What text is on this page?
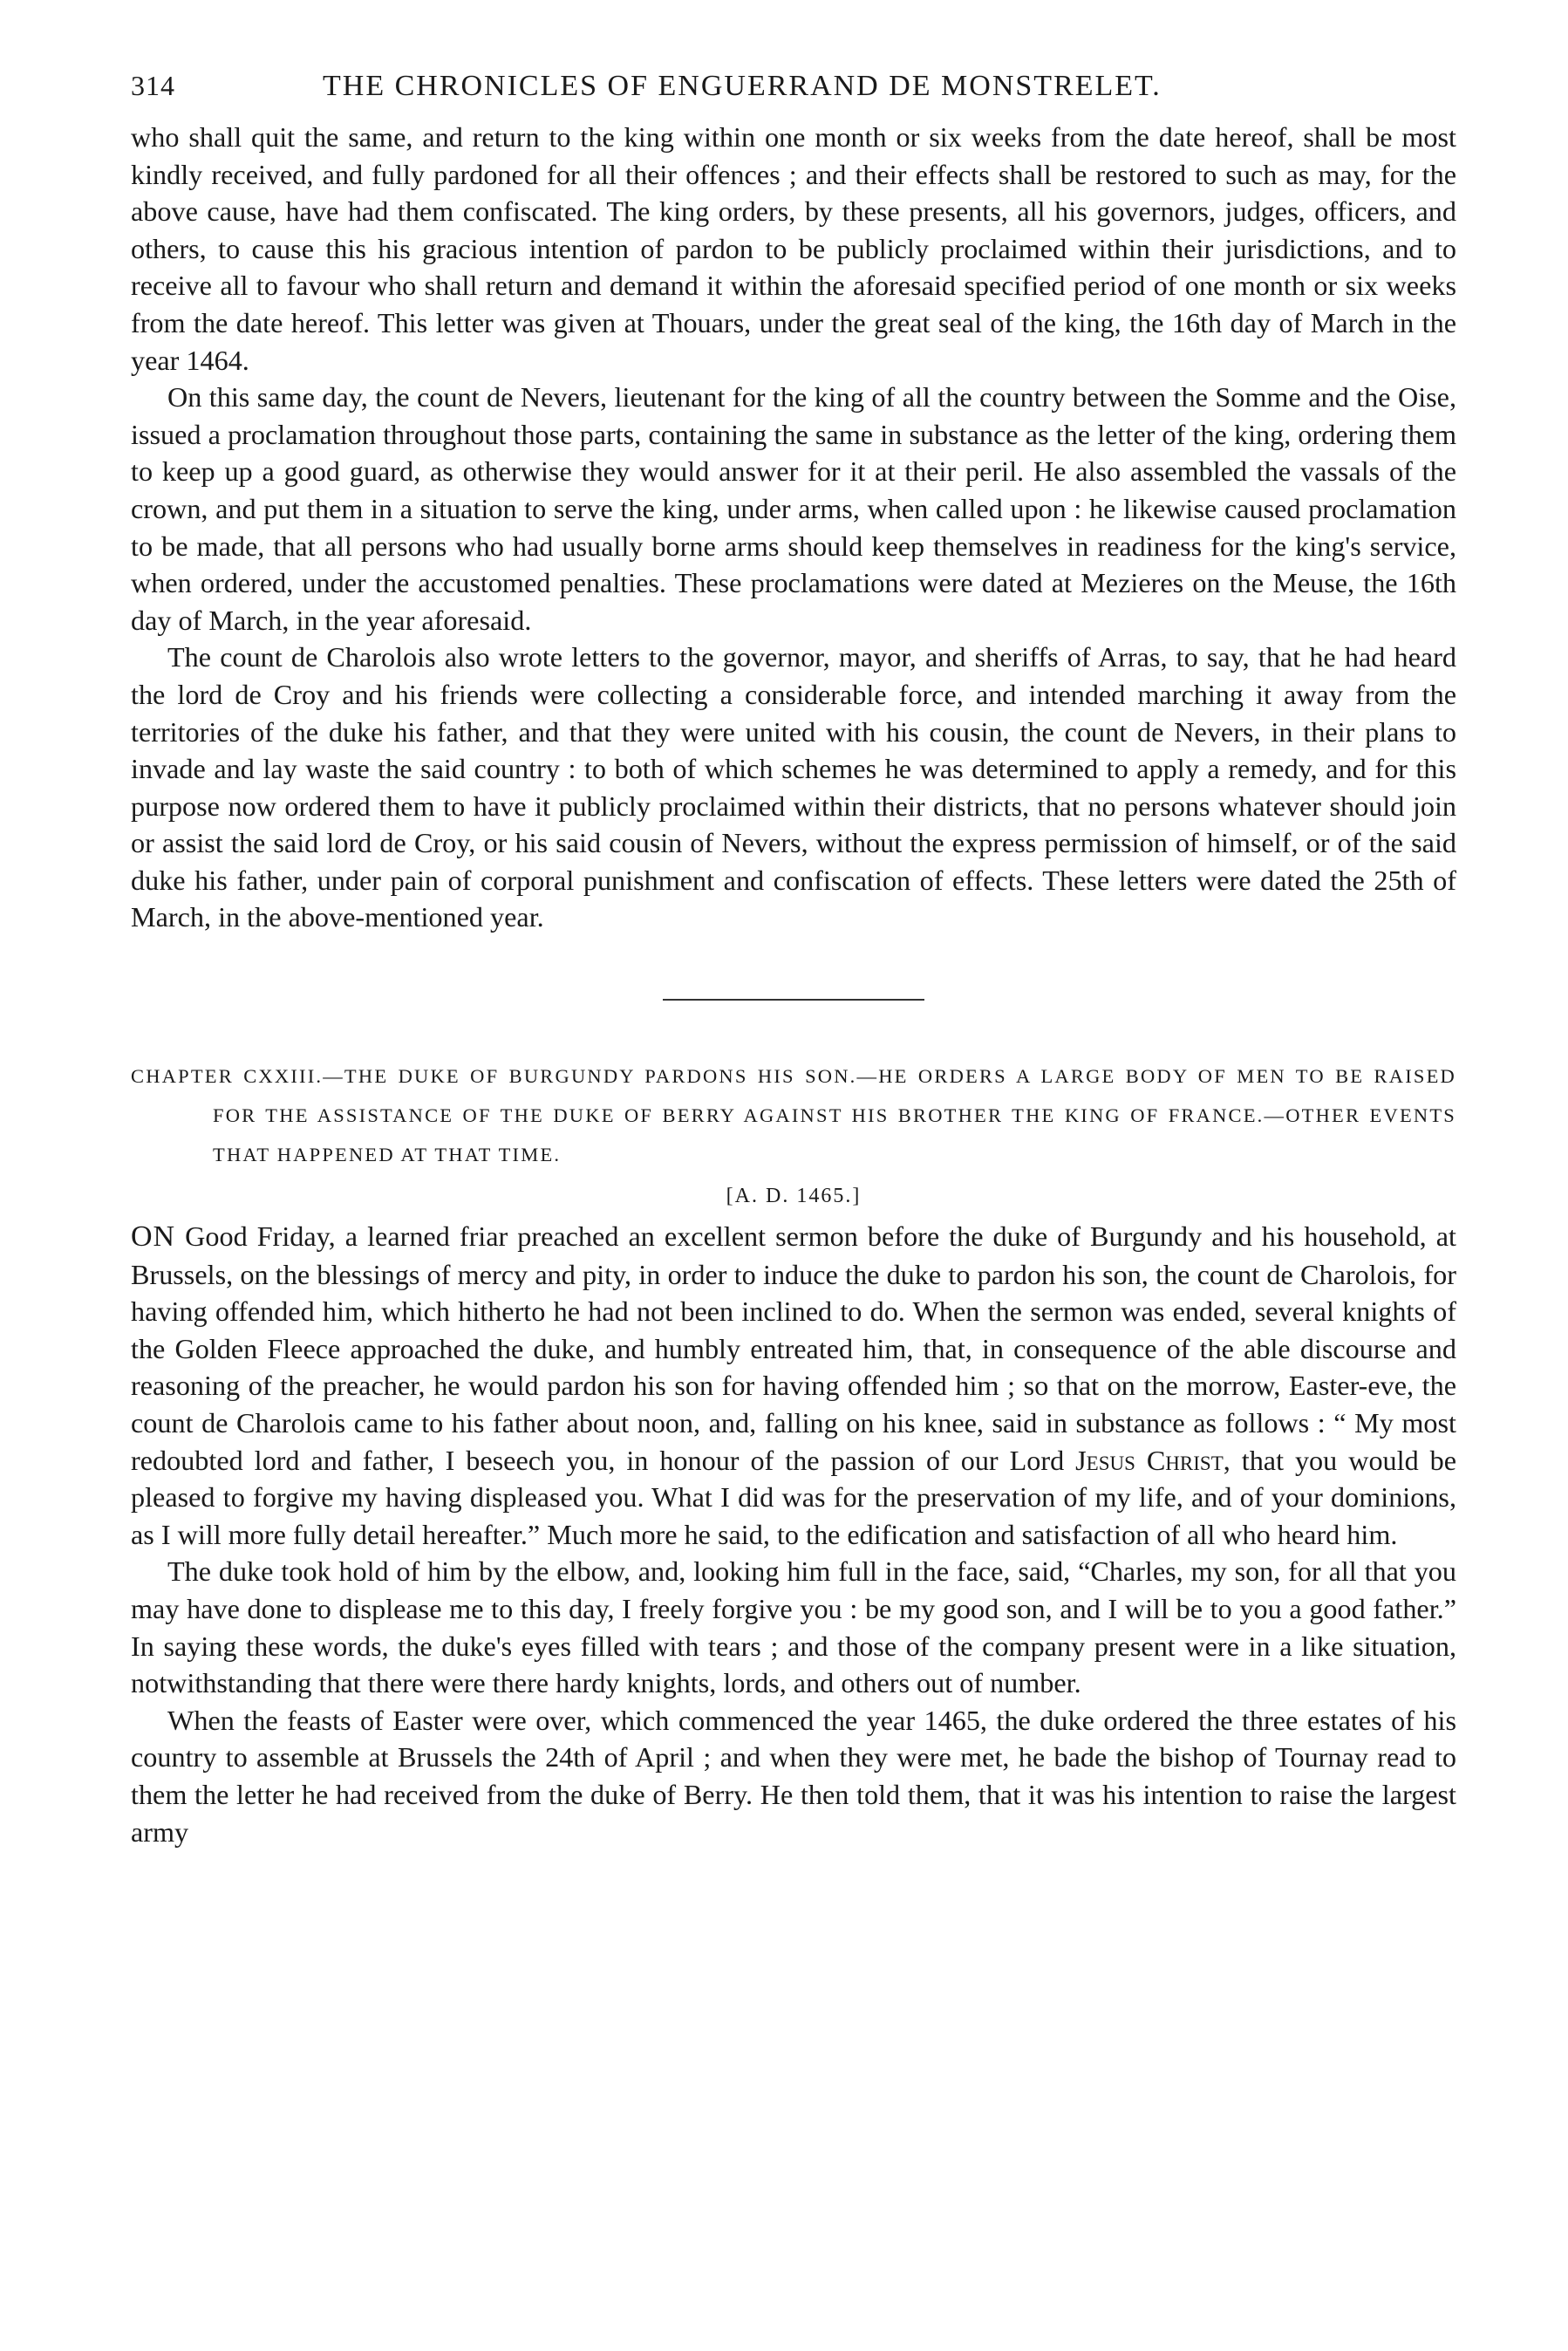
314	THE CHRONICLES OF ENGUERRAND DE MONSTRELET.

who shall quit the same, and return to the king within one month or six weeks from the date hereof, shall be most kindly received, and fully pardoned for all their offences ; and their effects shall be restored to such as may, for the above cause, have had them confiscated. The king orders, by these presents, all his governors, judges, officers, and others, to cause this his gracious intention of pardon to be publicly proclaimed within their jurisdictions, and to receive all to favour who shall return and demand it within the aforesaid specified period of one month or six weeks from the date hereof. This letter was given at Thouars, under the great seal of the king, the 16th day of March in the year 1464.

On this same day, the count de Nevers, lieutenant for the king of all the country between the Somme and the Oise, issued a proclamation throughout those parts, containing the same in substance as the letter of the king, ordering them to keep up a good guard, as otherwise they would answer for it at their peril. He also assembled the vassals of the crown, and put them in a situation to serve the king, under arms, when called upon : he likewise caused proclamation to be made, that all persons who had usually borne arms should keep themselves in readiness for the king's service, when ordered, under the accustomed penalties. These proclamations were dated at Mezieres on the Meuse, the 16th day of March, in the year aforesaid.

The count de Charolois also wrote letters to the governor, mayor, and sheriffs of Arras, to say, that he had heard the lord de Croy and his friends were collecting a considerable force, and intended marching it away from the territories of the duke his father, and that they were united with his cousin, the count de Nevers, in their plans to invade and lay waste the said country : to both of which schemes he was determined to apply a remedy, and for this purpose now ordered them to have it publicly proclaimed within their districts, that no persons whatever should join or assist the said lord de Croy, or his said cousin of Nevers, without the express permission of himself, or of the said duke his father, under pain of corporal punishment and confiscation of effects. These letters were dated the 25th of March, in the above-mentioned year.

CHAPTER CXXIII.—THE DUKE OF BURGUNDY PARDONS HIS SON.—HE ORDERS A LARGE BODY OF MEN TO BE RAISED FOR THE ASSISTANCE OF THE DUKE OF BERRY AGAINST HIS BROTHER THE KING OF FRANCE.—OTHER EVENTS THAT HAPPENED AT THAT TIME.

[A. D. 1465.]

ON Good Friday, a learned friar preached an excellent sermon before the duke of Burgundy and his household, at Brussels, on the blessings of mercy and pity, in order to induce the duke to pardon his son, the count de Charolois, for having offended him, which hitherto he had not been inclined to do. When the sermon was ended, several knights of the Golden Fleece approached the duke, and humbly entreated him, that, in consequence of the able discourse and reasoning of the preacher, he would pardon his son for having offended him ; so that on the morrow, Easter-eve, the count de Charolois came to his father about noon, and, falling on his knee, said in substance as follows : “ My most redoubted lord and father, I beseech you, in honour of the passion of our Lord Jesus Christ, that you would be pleased to forgive my having displeased you. What I did was for the preservation of my life, and of your dominions, as I will more fully detail hereafter.” Much more he said, to the edification and satisfaction of all who heard him.

The duke took hold of him by the elbow, and, looking him full in the face, said, “Charles, my son, for all that you may have done to displease me to this day, I freely forgive you : be my good son, and I will be to you a good father.” In saying these words, the duke's eyes filled with tears ; and those of the company present were in a like situation, notwithstanding that there were there hardy knights, lords, and others out of number.

When the feasts of Easter were over, which commenced the year 1465, the duke ordered the three estates of his country to assemble at Brussels the 24th of April ; and when they were met, he bade the bishop of Tournay read to them the letter he had received from the duke of Berry. He then told them, that it was his intention to raise the largest army
